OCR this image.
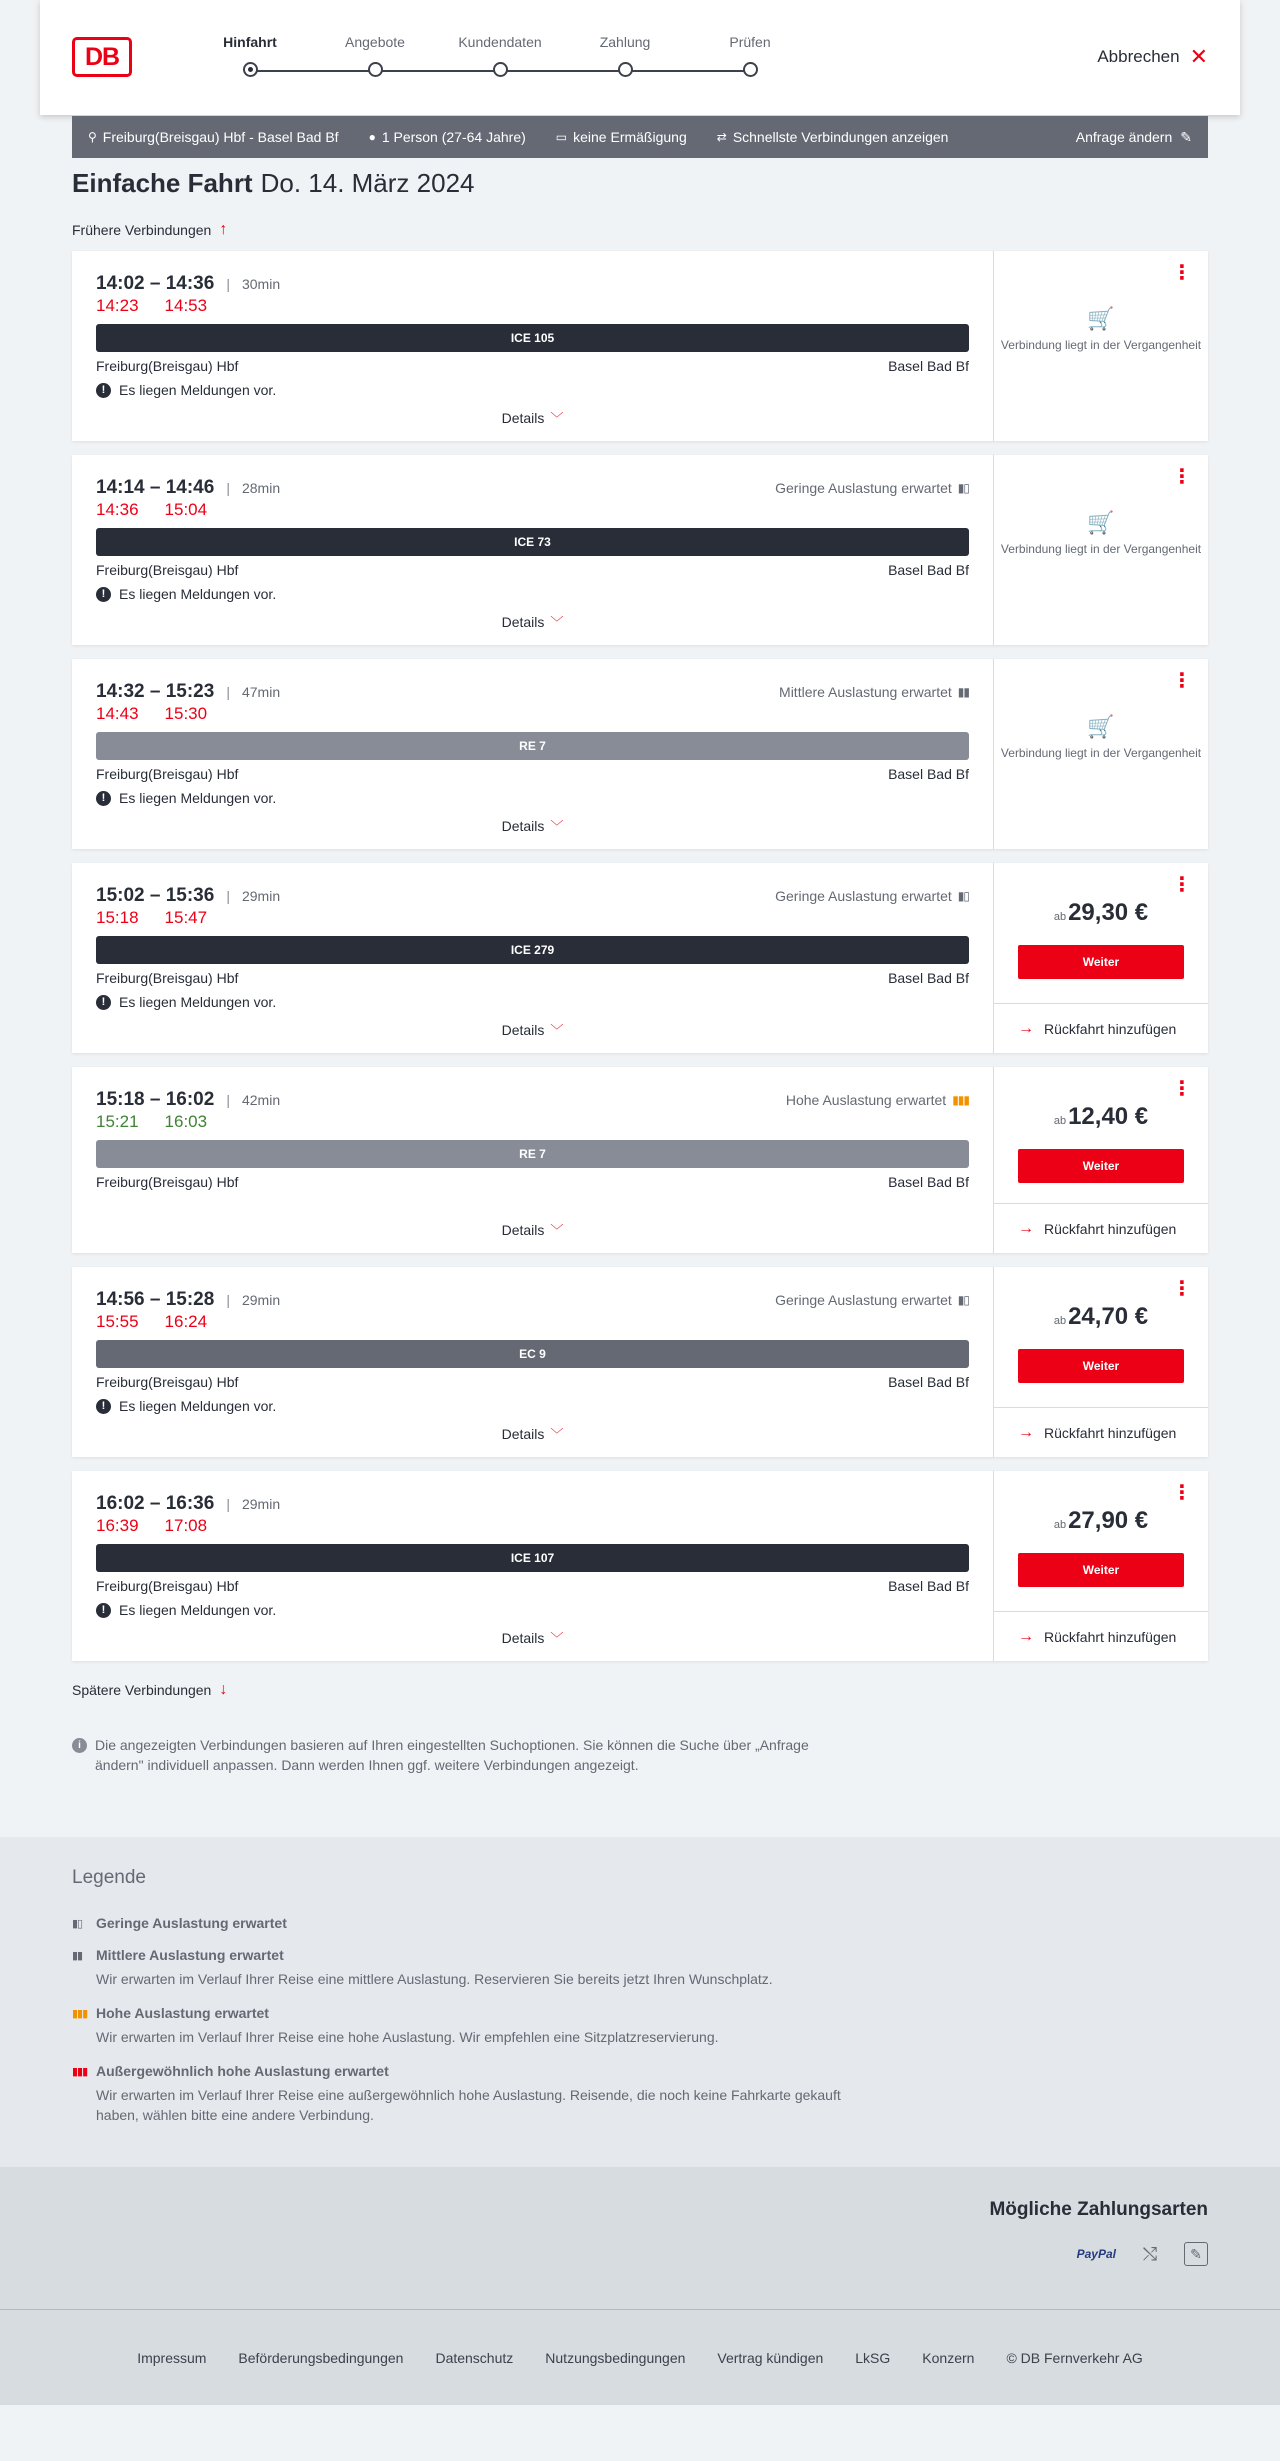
DB
Hinfahrt	Angebote	Kundendaten	Zahlung	Prüfen
Abbrechen ✕
⚲ Freiburg(Breisgau) Hbf - Basel Bad Bf	● 1 Person (27-64 Jahre)	▭ keine Ermäßigung	⇄ Schnellste Verbindungen anzeigen	Anfrage ändern ✎
Einfache Fahrt Do. 14. März 2024
Frühere Verbindungen ↑
14:02 – 14:36 | 30min
14:23 14:53
ICE 105
Freiburg(Breisgau) Hbf	Basel Bad Bf
! Es liegen Meldungen vor.
Details ﹀
⋮
🛒
Verbindung liegt in der Vergangenheit
14:14 – 14:46 | 28min	Geringe Auslastung erwartet ▮▯
14:36 15:04
ICE 73
Freiburg(Breisgau) Hbf	Basel Bad Bf
! Es liegen Meldungen vor.
Details ﹀
⋮
🛒
Verbindung liegt in der Vergangenheit
14:32 – 15:23 | 47min	Mittlere Auslastung erwartet ▮▮
14:43 15:30
RE 7
Freiburg(Breisgau) Hbf	Basel Bad Bf
! Es liegen Meldungen vor.
Details ﹀
⋮
🛒
Verbindung liegt in der Vergangenheit
15:02 – 15:36 | 29min	Geringe Auslastung erwartet ▮▯
15:18 15:47
ICE 279
Freiburg(Breisgau) Hbf	Basel Bad Bf
! Es liegen Meldungen vor.
Details ﹀
⋮
ab29,30 €
Weiter
→ Rückfahrt hinzufügen
15:18 – 16:02 | 42min	Hohe Auslastung erwartet ▮▮▮
15:21 16:03
RE 7
Freiburg(Breisgau) Hbf	Basel Bad Bf
Details ﹀
⋮
ab12,40 €
Weiter
→ Rückfahrt hinzufügen
14:56 – 15:28 | 29min	Geringe Auslastung erwartet ▮▯
15:55 16:24
EC 9
Freiburg(Breisgau) Hbf	Basel Bad Bf
! Es liegen Meldungen vor.
Details ﹀
⋮
ab24,70 €
Weiter
→ Rückfahrt hinzufügen
16:02 – 16:36 | 29min
16:39 17:08
ICE 107
Freiburg(Breisgau) Hbf	Basel Bad Bf
! Es liegen Meldungen vor.
Details ﹀
⋮
ab27,90 €
Weiter
→ Rückfahrt hinzufügen
Spätere Verbindungen ↓
i	Die angezeigten Verbindungen basieren auf Ihren eingestellten Suchoptionen. Sie können die Suche über „Anfrage ändern" individuell anpassen. Dann werden Ihnen ggf. weitere Verbindungen angezeigt.
Legende
▮▯ Geringe Auslastung erwartet
▮▮ Mittlere Auslastung erwartet
Wir erwarten im Verlauf Ihrer Reise eine mittlere Auslastung. Reservieren Sie bereits jetzt Ihren Wunschplatz.
▮▮▮ Hohe Auslastung erwartet
Wir erwarten im Verlauf Ihrer Reise eine hohe Auslastung. Wir empfehlen eine Sitzplatzreservierung.
▮▮▮ Außergewöhnlich hohe Auslastung erwartet
Wir erwarten im Verlauf Ihrer Reise eine außergewöhnlich hohe Auslastung. Reisende, die noch keine Fahrkarte gekauft haben, wählen bitte eine andere Verbindung.
Mögliche Zahlungsarten
PayPal ⤭	✎
Impressum Beförderungsbedingungen Datenschutz Nutzungsbedingungen Vertrag kündigen LkSG Konzern © DB Fernverkehr AG
